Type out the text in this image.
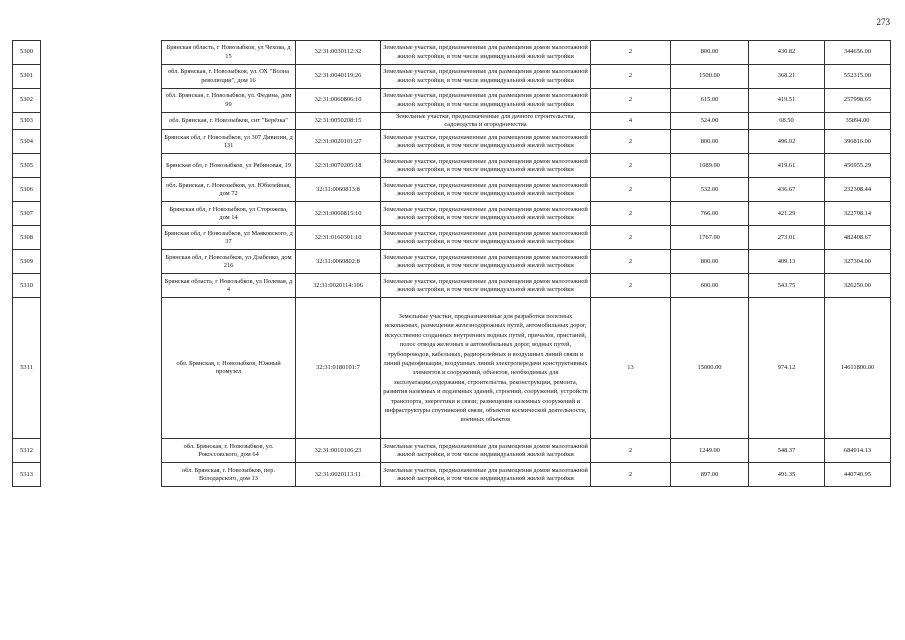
273
5300		Брянская область, г Новозыбков, ул Чехова, д 15	32:31:0030112:32	Земельные участки, предназначенные для размещения домов малоэтажной жилой застройки, в том числе индивидуальной жилой застройки	2	800.00	430.82	344656.00
5301		обл. Брянская, г. Новозыбков, ул. ОХ "Волна революции", дом 16	32:31:0040119:26	Земельные участки, предназначенные для размещения домов малоэтажной жилой застройки, в том числе индивидуальной жилой застройки	2	1500.00	368.21	552315.00
5302		обл. Брянская, г. Новозыбков, ул. Федина, дом 99	32:31:0060806:10	Земельные участки, предназначенные для размещения домов малоэтажной жилой застройки, в том числе индивидуальной жилой застройки	2	615.00	419.51	257998.65
5303		обл. Брянская, г. Новозыбков, снт "Берёзка"	32:31:0050208:15	Земельные участки, предназначенные для дачного строительства, садоводства и огородничества	4	524.00	68.50	35894.00
5304		Брянская обл, г Новозыбков, ул 307 Дивизии, д 131	32:31:0020101:27	Земельные участки, предназначенные для размещения домов малоэтажной жилой застройки, в том числе индивидуальной жилой застройки	2	800.00	496.02	396816.00
5305		Брянская обл, г Новозыбков, ул Рябиновая, 19	32:31:0070205:18	Земельные участки, предназначенные для размещения домов малоэтажной жилой застройки, в том числе индивидуальной жилой застройки	2	1089.00	419.61	456955.29
5306		обл. Брянская, г. Новозыбков, ул. Юбилейная, дом 72	32:31:0060813:8	Земельные участки, предназначенные для размещения домов малоэтажной жилой застройки, в том числе индивидуальной жилой застройки	2	532.00	436.67	232308.44
5307		Брянская обл, г Новозыбков, ул Сторожева, дом 14	32:31:0060815:10	Земельные участки, предназначенные для размещения домов малоэтажной жилой застройки, в том числе индивидуальной жилой застройки	2	766.00	421.29	322708.14
5308		Брянская обл, г Новозыбков, ул Маяковского, д 37	32:31:0160301:10	Земельные участки, предназначенные для размещения домов малоэтажной жилой застройки, в том числе индивидуальной жилой застройки	2	1767.00	273.01	482408.67
5309		Брянская обл, г Новозыбков, ул Дзабенко, дом 216	32:31:0060802:8	Земельные участки, предназначенные для размещения домов малоэтажной жилой застройки, в том числе индивидуальной жилой застройки	2	800.00	409.13	327304.00
5310		Брянская область, г Новозыбков, ул Полевая, д 4	32:31:0020114:106	Земельные участки, предназначенные для размещения домов малоэтажной жилой застройки, в том числе индивидуальной жилой застройки	2	600.00	543.75	326250.00
5311		обл. Брянская, г. Новозыбков, Южный промузел	32:31:0180101:7	Земельные участки, предназначенные для разработки полезных ископаемых, размещения железнодорожных путей, автомобильных дорог, искусственно созданных внутренних водных путей, причалов, пристаней, полос отвода железных и автомобильных дорог, водных путей, трубопроводов, кабельных, радиорелейных и воздушных линий связи и линий радиофикации, воздушных линий электропередачи конструктивных элементов и сооружений, объектов, необходимых для эксплуатации,содержания, строительства, реконструкции, ремонта, развития наземных и подземных зданий, строений, сооружений, устройств транспорта, энергетики и связи; размещения наземных сооружений и инфраструктуры спутниковой связи, объектов космической деятельности, военных объектов	13	15000.00	974.12	14611800.00
5312		обл. Брянская, г. Новозыбков, ул. Рокоссовского, дом 64	32:31:0010106:23	Земельные участки, предназначенные для размещения домов малоэтажной жилой застройки, в том числе индивидуальной жилой застройки	2	1249.00	548.37	684914.13
5313		обл. Брянская, г. Новозыбков, пер. Володарского, дом 13	32:31:0020113:11	Земельные участки, предназначенные для размещения домов малоэтажной жилой застройки, в том числе индивидуальной жилой застройки	2	897.00	491.35	440740.95
